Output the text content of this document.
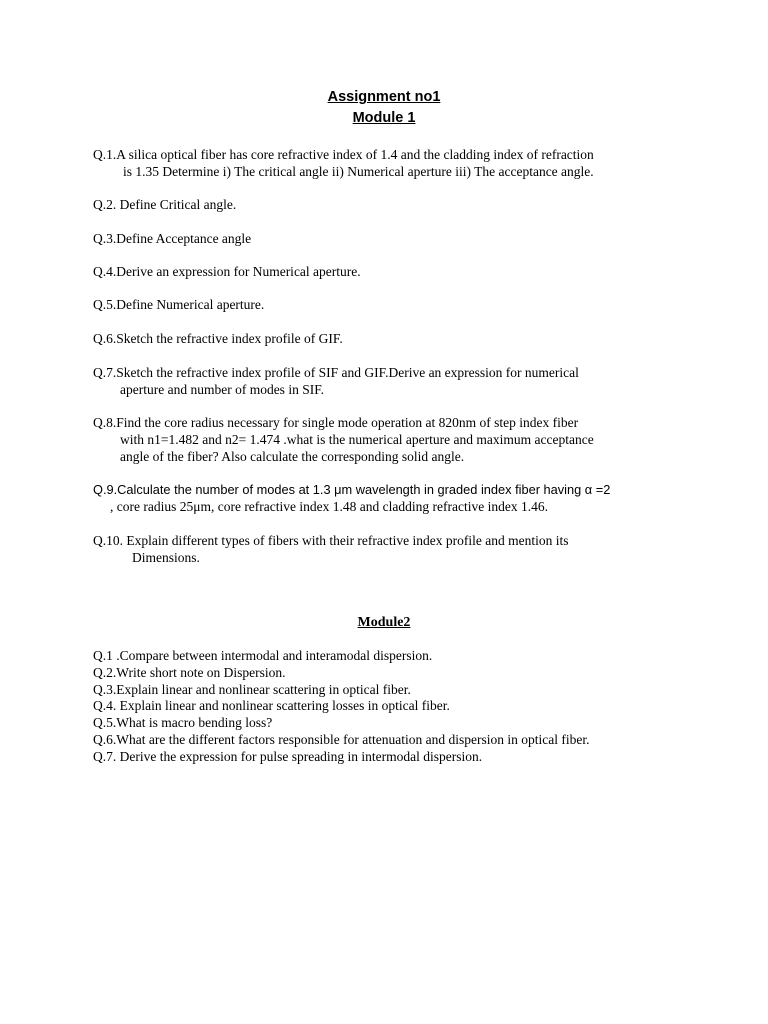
Assignment no1
Module 1
Q.1.A silica optical fiber has core refractive index of 1.4 and the cladding index of refraction
is 1.35 Determine i) The critical angle ii) Numerical aperture iii) The acceptance angle.
Q.2. Define Critical angle.
Q.3.Define Acceptance angle
Q.4.Derive an expression for Numerical aperture.
Q.5.Define Numerical aperture.
Q.6.Sketch the refractive index profile of GIF.
Q.7.Sketch the refractive index profile of SIF and GIF.Derive an expression for numerical
aperture and number of modes in SIF.
Q.8.Find the core radius necessary for single mode operation at 820nm of step index fiber
with n1=1.482 and n2= 1.474 .what is the numerical aperture and maximum acceptance
angle of the fiber? Also calculate the corresponding solid angle.
Q.9.Calculate the number of modes at 1.3 μm wavelength in graded index fiber having α =2
, core radius 25μm, core refractive index 1.48 and cladding refractive index 1.46.
Q.10. Explain different types of fibers with their refractive index profile and mention its
Dimensions.
Module2
Q.1 .Compare between intermodal and interamodal dispersion.
Q.2.Write short note on Dispersion.
Q.3.Explain linear and nonlinear scattering in optical fiber.
Q.4. Explain linear and nonlinear scattering losses in optical fiber.
Q.5.What is macro bending loss?
Q.6.What are the different factors responsible for attenuation and dispersion in optical fiber.
Q.7. Derive the expression for pulse spreading in intermodal dispersion.
